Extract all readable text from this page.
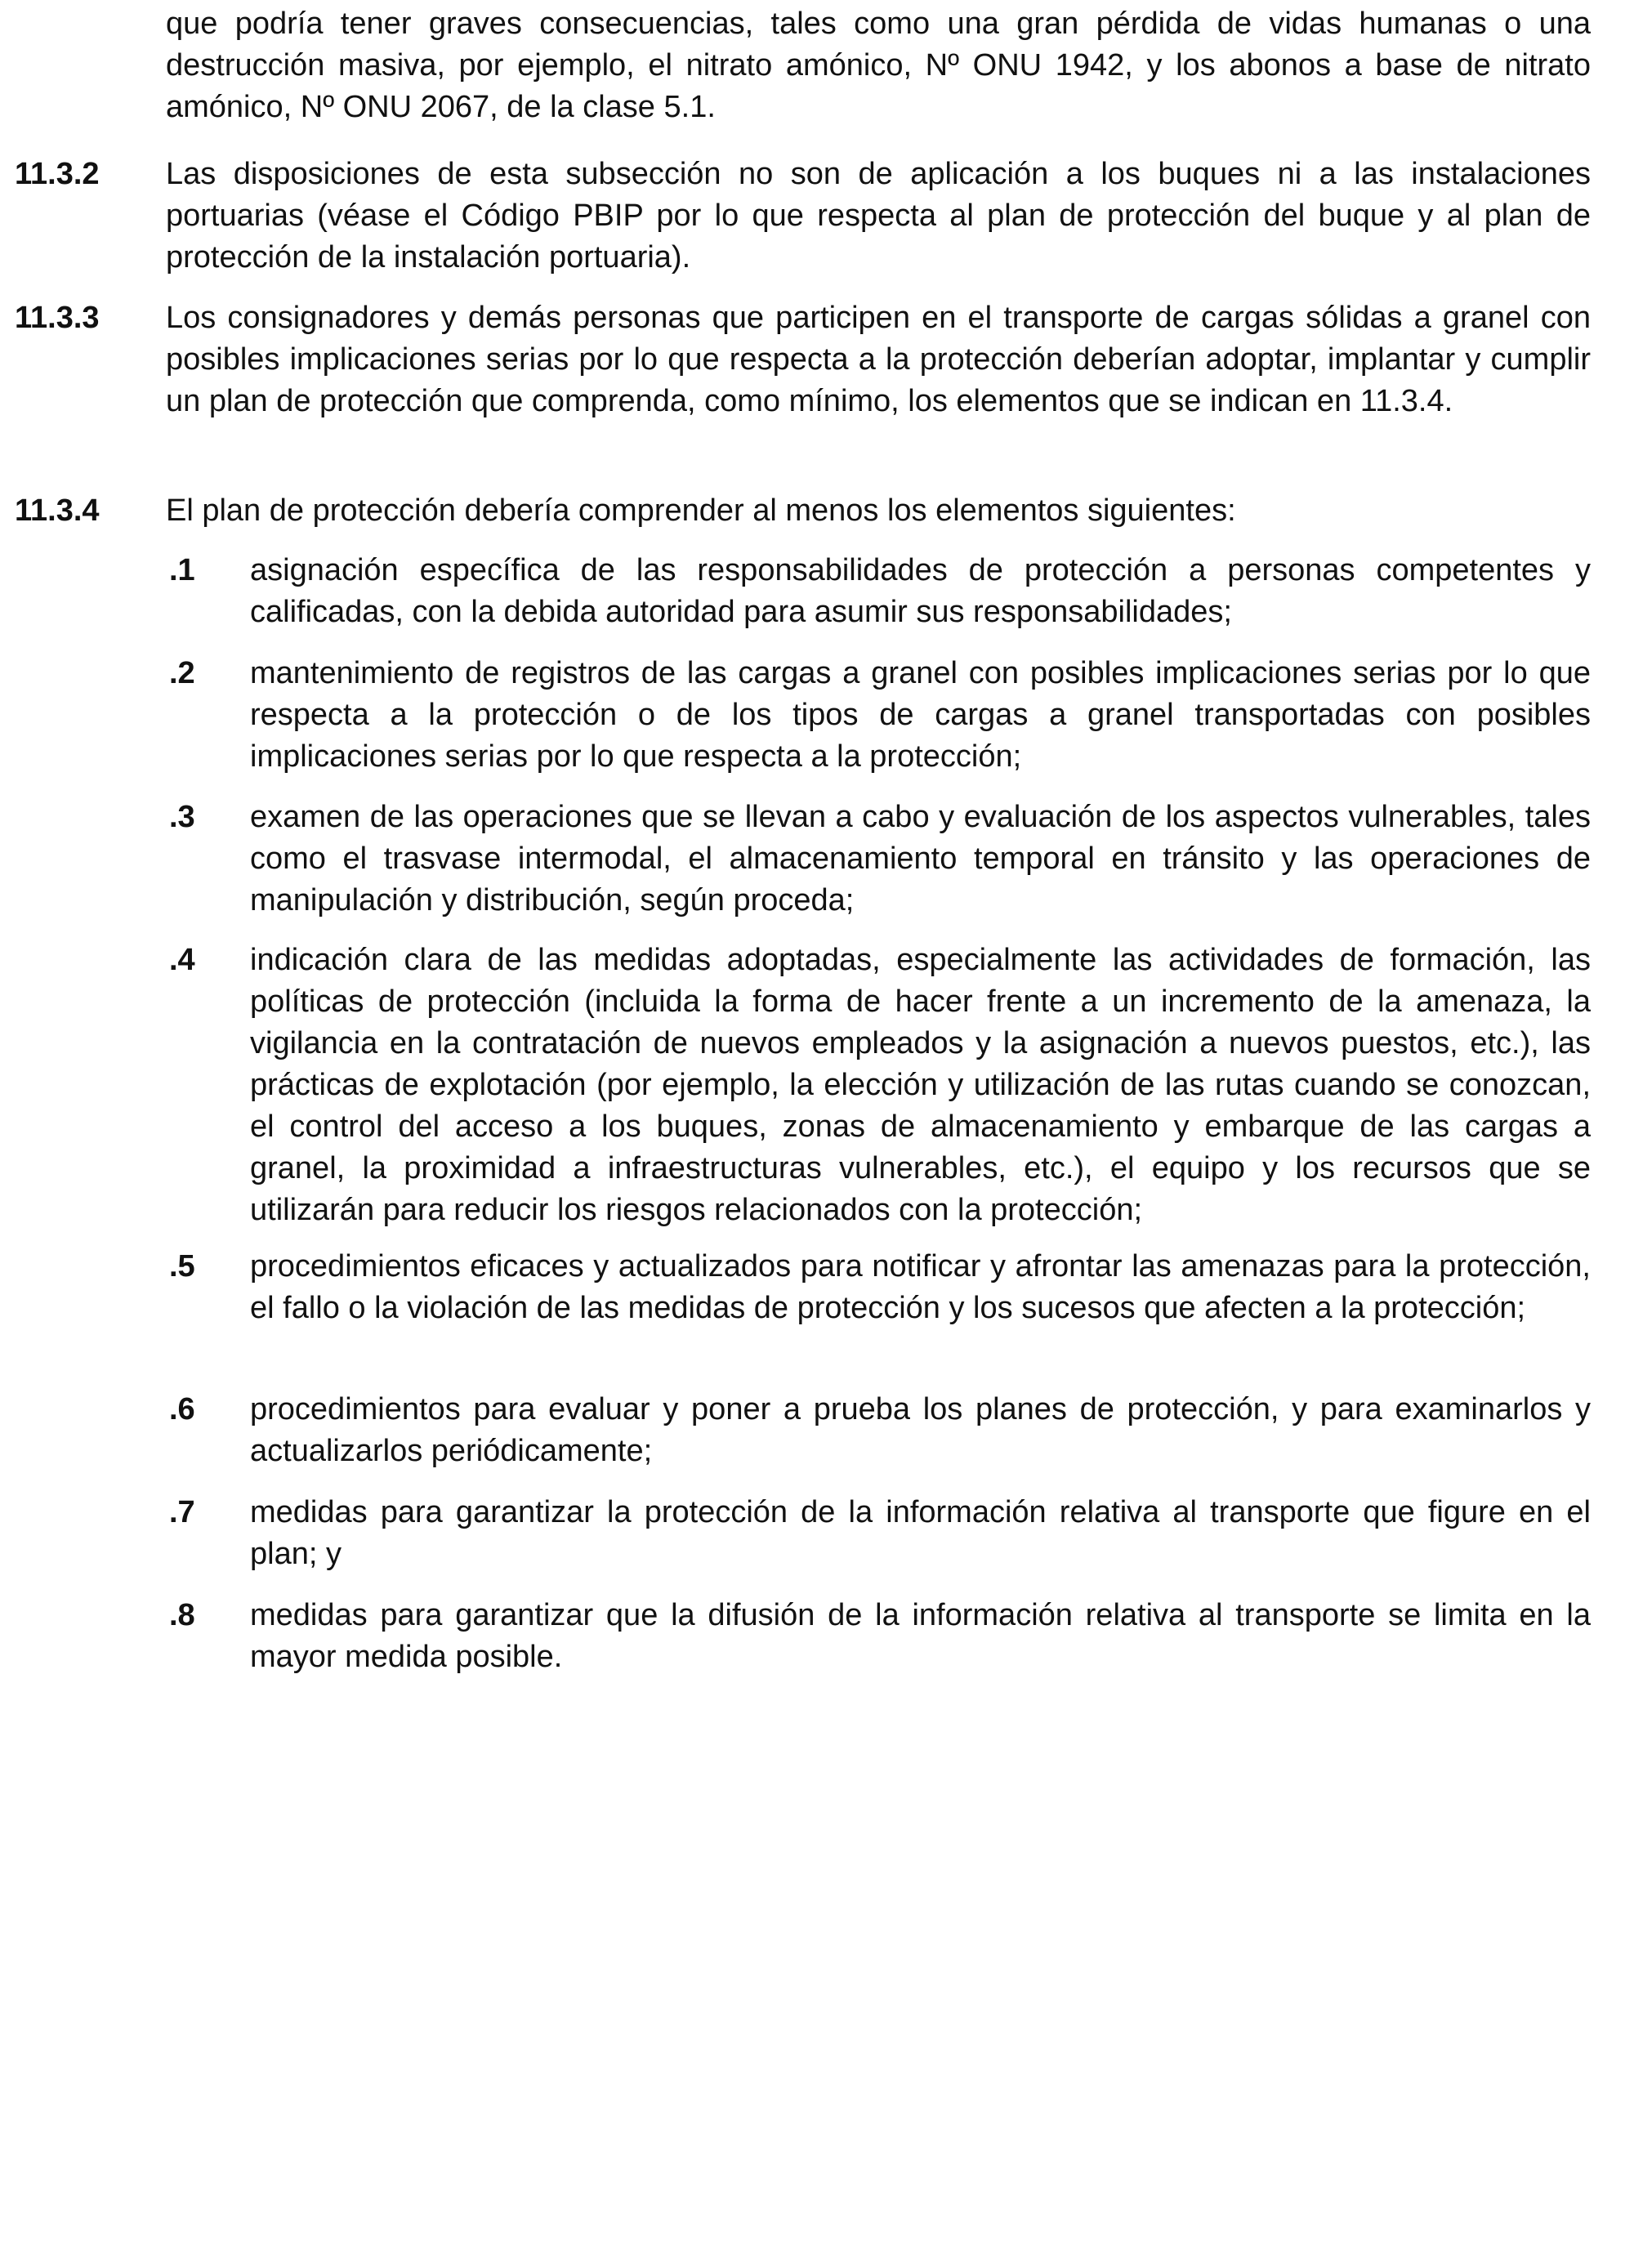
que podría tener graves consecuencias, tales como una gran pérdida de vidas humanas o una destrucción masiva, por ejemplo, el nitrato amónico, Nº ONU 1942, y los abonos a base de nitrato amónico, Nº ONU 2067, de la clase 5.1.
11.3.2	Las disposiciones de esta subsección no son de aplicación a los buques ni a las instalaciones portuarias (véase el Código PBIP por lo que respecta al plan de protección del buque y al plan de protección de la instalación portuaria).
11.3.3	Los consignadores y demás personas que participen en el transporte de cargas sólidas a granel con posibles implicaciones serias por lo que respecta a la protección deberían adoptar, implantar y cumplir un plan de protección que comprenda, como mínimo, los elementos que se indican en 11.3.4.
11.3.4	El plan de protección debería comprender al menos los elementos siguientes:
.1	asignación específica de las responsabilidades de protección a personas competentes y calificadas, con la debida autoridad para asumir sus responsabilidades;
.2	mantenimiento de registros de las cargas a granel con posibles implicaciones serias por lo que respecta a la protección o de los tipos de cargas a granel transportadas con posibles implicaciones serias por lo que respecta a la protección;
.3	examen de las operaciones que se llevan a cabo y evaluación de los aspectos vulnerables, tales como el trasvase intermodal, el almacenamiento temporal en tránsito y las operaciones de manipulación y distribución, según proceda;
.4	indicación clara de las medidas adoptadas, especialmente las actividades de formación, las políticas de protección (incluida la forma de hacer frente a un incremento de la amenaza, la vigilancia en la contratación de nuevos empleados y la asignación a nuevos puestos, etc.), las prácticas de explotación (por ejemplo, la elección y utilización de las rutas cuando se conozcan, el control del acceso a los buques, zonas de almacenamiento y embarque de las cargas a granel, la proximidad a infraestructuras vulnerables, etc.), el equipo y los recursos que se utilizarán para reducir los riesgos relacionados con la protección;
.5	procedimientos eficaces y actualizados para notificar y afrontar las amenazas para la protección, el fallo o la violación de las medidas de protección y los sucesos que afecten a la protección;
.6	procedimientos para evaluar y poner a prueba los planes de protección, y para examinarlos y actualizarlos periódicamente;
.7	medidas para garantizar la protección de la información relativa al transporte que figure en el plan; y
.8	medidas para garantizar que la difusión de la información relativa al transporte se limita en la mayor medida posible.
